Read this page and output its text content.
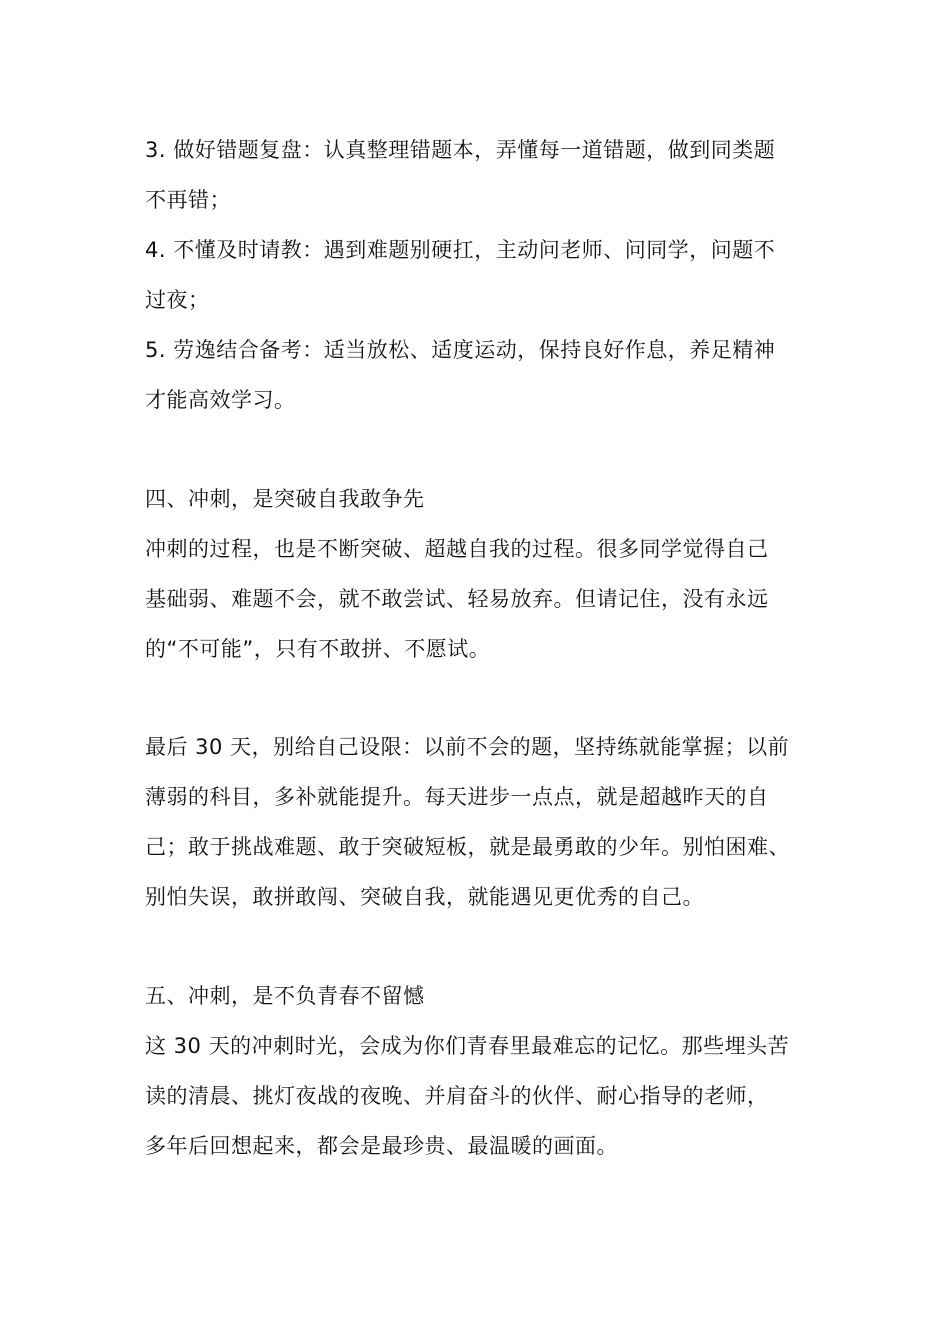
3. 做好错题复盘：认真整理错题本，弄懂每一道错题，做到同类题
不再错；
4. 不懂及时请教：遇到难题别硬扛，主动问老师、问同学，问题不
过夜；
5. 劳逸结合备考：适当放松、适度运动，保持良好作息，养足精神
才能高效学习。
四、冲刺，是突破自我敢争先
冲刺的过程，也是不断突破、超越自我的过程。很多同学觉得自己
基础弱、难题不会，就不敢尝试、轻易放弃。但请记住，没有永远
的“不可能”，只有不敢拼、不愿试。
最后 30 天，别给自己设限：以前不会的题，坚持练就能掌握；以前
薄弱的科目，多补就能提升。每天进步一点点，就是超越昨天的自
己；敢于挑战难题、敢于突破短板，就是最勇敢的少年。别怕困难、
别怕失误，敢拼敢闯、突破自我，就能遇见更优秀的自己。
五、冲刺，是不负青春不留憾
这 30 天的冲刺时光，会成为你们青春里最难忘的记忆。那些埋头苦
读的清晨、挑灯夜战的夜晚、并肩奋斗的伙伴、耐心指导的老师，
多年后回想起来，都会是最珍贵、最温暖的画面。
